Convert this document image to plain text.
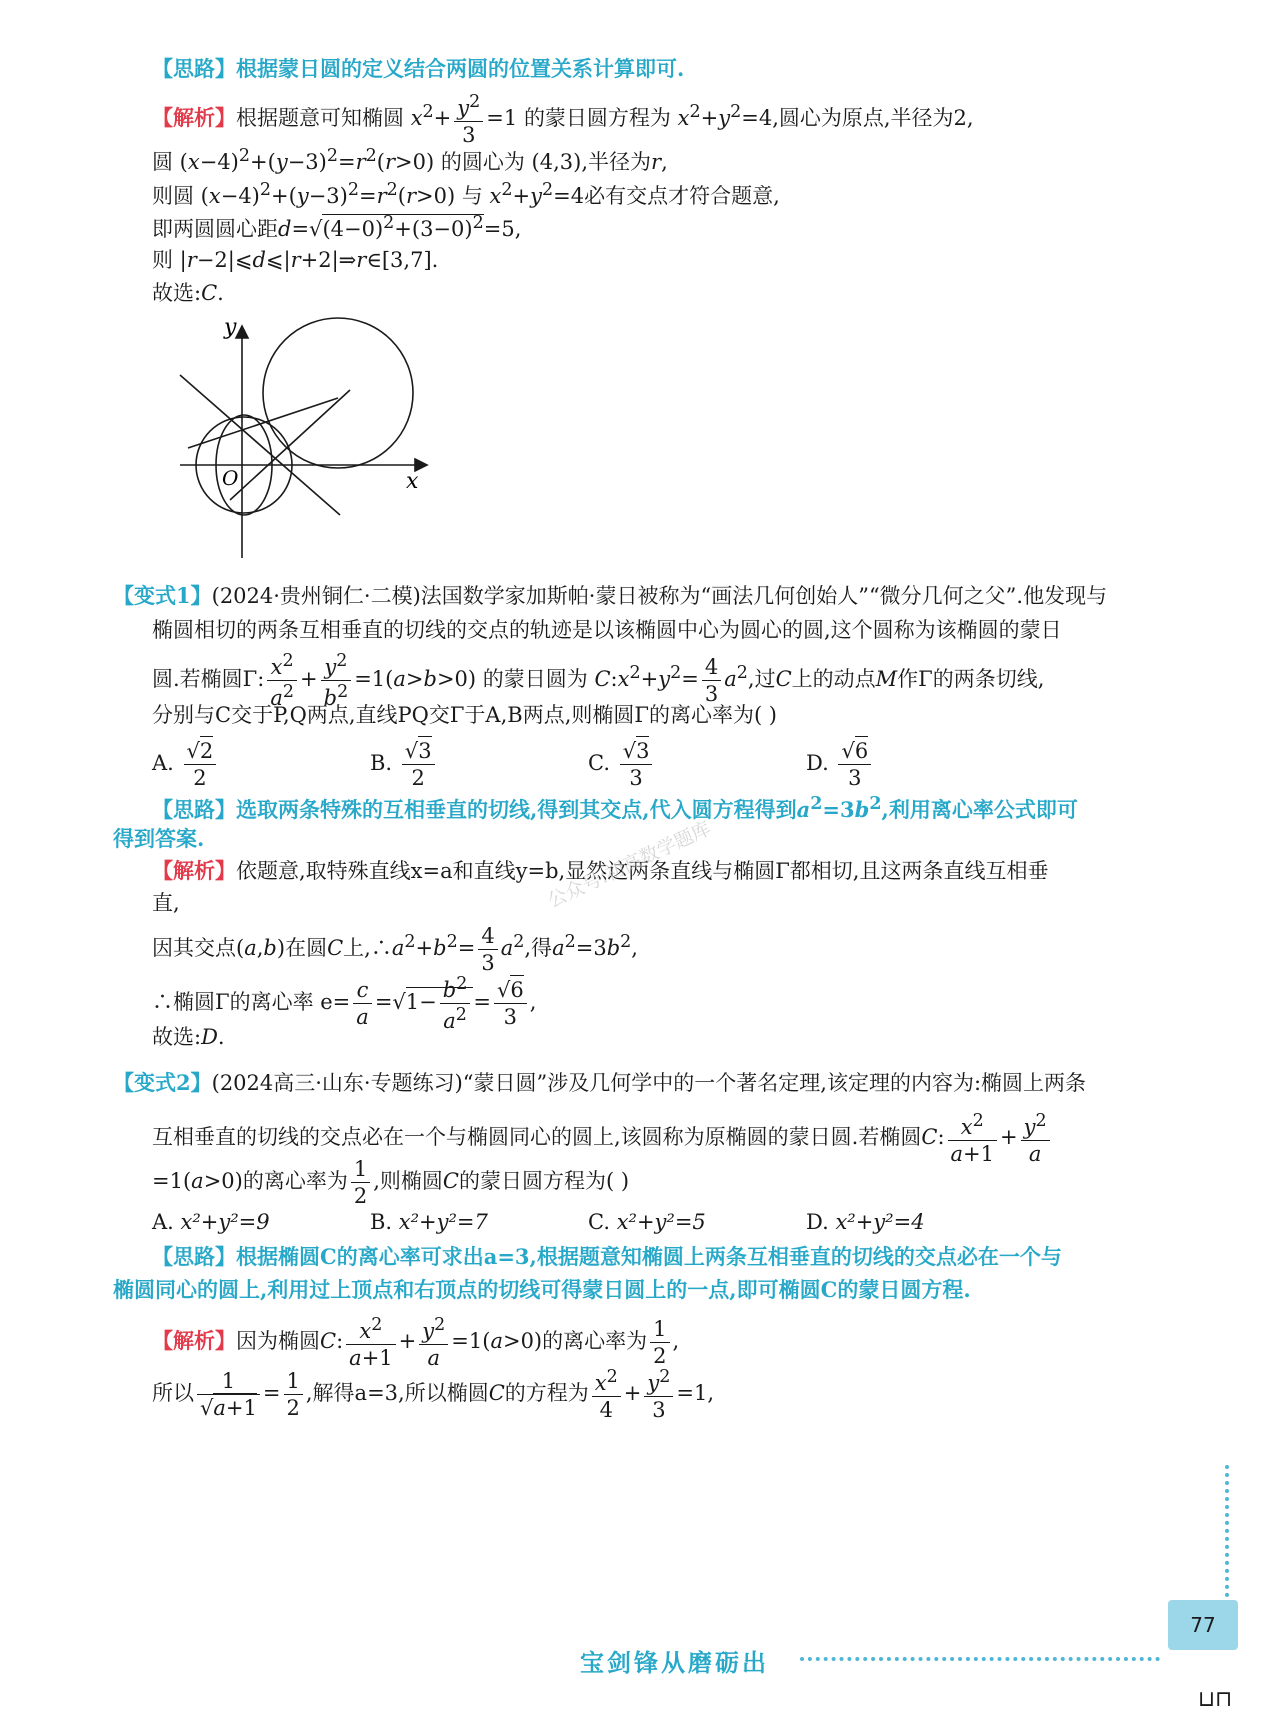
【思路】根据蒙日圆的定义结合两圆的位置关系计算即可.
【解析】根据题意可知椭圆 $x^2+ \frac{y^2}{3} =1$ 的蒙日圆方程为 $x^2+y^2=4$,圆心为原点,半径为2,
圆 $(x-4)^2+(y-3)^2=r^2(r>0)$ 的圆心为 (4,3),半径为r,
则圆 $(x-4)^2+(y-3)^2=r^2(r>0)$ 与 $x^2+y^2=4$必有交点才符合题意,
即两圆圆心距$d=√(4-0)^2+(3-0)^2=5$,
则 |r−2|⩽d⩽|r+2|⇒r∈[3,7].
故选:C.
y
x
O
【变式1】(2024·贵州铜仁·二模)法国数学家加斯帕·蒙日被称为“画法几何创始人”“微分几何之父”.他发现与
椭圆相切的两条互相垂直的切线的交点的轨迹是以该椭圆中心为圆心的圆,这个圆称为该椭圆的蒙日
圆.若椭圆Γ: $\frac{x^2}{a^2} + \frac{y^2}{b^2} =1(a>b>0)$ 的蒙日圆为 $C:x^2+y^2= \frac{4}{3} a^2$,过C上的动点M作Γ的两条切线,
分别与C交于P,Q两点,直线PQ交Γ于A,B两点,则椭圆Γ的离心率为( )
A. $\frac{√2}{2}$	B. $\frac{√3}{2}$	C. $\frac{√3}{3}$	D. $\frac{√6}{3}$
【思路】选取两条特殊的互相垂直的切线,得到其交点,代入圆方程得到$a^2=3b^2$,利用离心率公式即可
得到答案.
【解析】依题意,取特殊直线x=a和直线y=b,显然这两条直线与椭圆Γ都相切,且这两条直线互相垂
直,
因其交点(a,b)在圆C上$,\therefore a^2+b^2= \frac{4}{3} a^2$,得$a^2=3b^2$,
∴椭圆Γ的离心率 $e= \frac{c}{a} =√1- \frac{b^2}{a^2} = \frac{√6}{3}$ ,
故选:D.
【变式2】(2024高三·山东·专题练习)“蒙日圆”涉及几何学中的一个著名定理,该定理的内容为:椭圆上两条
互相垂直的切线的交点必在一个与椭圆同心的圆上,该圆称为原椭圆的蒙日圆.若椭圆C: $\frac{x^2}{a+1} + \frac{y^2}{a}$
=1(a>0)的离心率为 $\frac{1}{2}$ ,则椭圆C的蒙日圆方程为( )
A. x²+y²=9	B. x²+y²=7	C. x²+y²=5	D. x²+y²=4
【思路】根据椭圆C的离心率可求出a=3,根据题意知椭圆上两条互相垂直的切线的交点必在一个与
椭圆同心的圆上,利用过上顶点和右顶点的切线可得蒙日圆上的一点,即可椭圆C的蒙日圆方程.
【解析】因为椭圆C: $\frac{x^2}{a+1} + \frac{y^2}{a} =1(a>0)$的离心率为 $\frac{1}{2}$ ,
所以 $\frac{1}{√a+1} = \frac{1}{2}$ ,解得a=3,所以椭圆C的方程为 $\frac{x^2}{4} + \frac{y^2}{3} =1$,
公众号:初高数学题库
77
宝剑锋从磨砺出
⊔⊓
